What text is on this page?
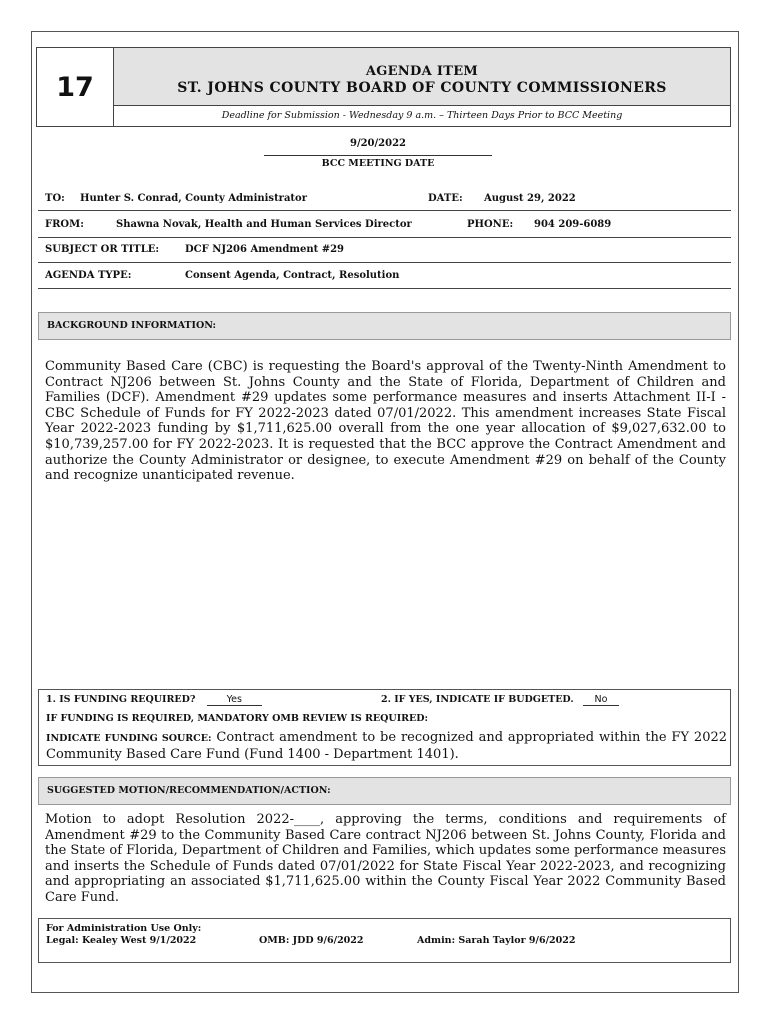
17	AGENDA ITEM
ST. JOHNS COUNTY BOARD OF COUNTY COMMISSIONERS
Deadline for Submission - Wednesday 9 a.m. – Thirteen Days Prior to BCC Meeting
9/20/2022
BCC MEETING DATE
TO: Hunter S. Conrad, County Administrator	DATE: August 29, 2022
FROM:	Shawna Novak, Health and Human Services Director	PHONE: 904 209-6089
SUBJECT OR TITLE:	DCF NJ206 Amendment #29
AGENDA TYPE:	Consent Agenda, Contract, Resolution
BACKGROUND INFORMATION:
Community Based Care (CBC) is requesting the Board's approval of the Twenty-Ninth Amendment to Contract NJ206 between St. Johns County and the State of Florida, Department of Children and Families (DCF). Amendment #29 updates some performance measures and inserts Attachment II-I - CBC Schedule of Funds for FY 2022-2023 dated 07/01/2022. This amendment increases State Fiscal Year 2022-2023 funding by $1,711,625.00 overall from the one year allocation of $9,027,632.00 to $10,739,257.00 for FY 2022-2023. It is requested that the BCC approve the Contract Amendment and authorize the County Administrator or designee, to execute Amendment #29 on behalf of the County and recognize unanticipated revenue.
1. IS FUNDING REQUIRED?	Yes	2. IF YES, INDICATE IF BUDGETED. No
IF FUNDING IS REQUIRED, MANDATORY OMB REVIEW IS REQUIRED:
INDICATE FUNDING SOURCE: Contract amendment to be recognized and appropriated within the FY 2022 Community Based Care Fund (Fund 1400 - Department 1401).
SUGGESTED MOTION/RECOMMENDATION/ACTION:
Motion to adopt Resolution 2022-____, approving the terms, conditions and requirements of Amendment #29 to the Community Based Care contract NJ206 between St. Johns County, Florida and the State of Florida, Department of Children and Families, which updates some performance measures and inserts the Schedule of Funds dated 07/01/2022 for State Fiscal Year 2022-2023, and recognizing and appropriating an associated $1,711,625.00 within the County Fiscal Year 2022 Community Based Care Fund.
For Administration Use Only:
Legal: Kealey West 9/1/2022	OMB: JDD 9/6/2022	Admin: Sarah Taylor 9/6/2022
